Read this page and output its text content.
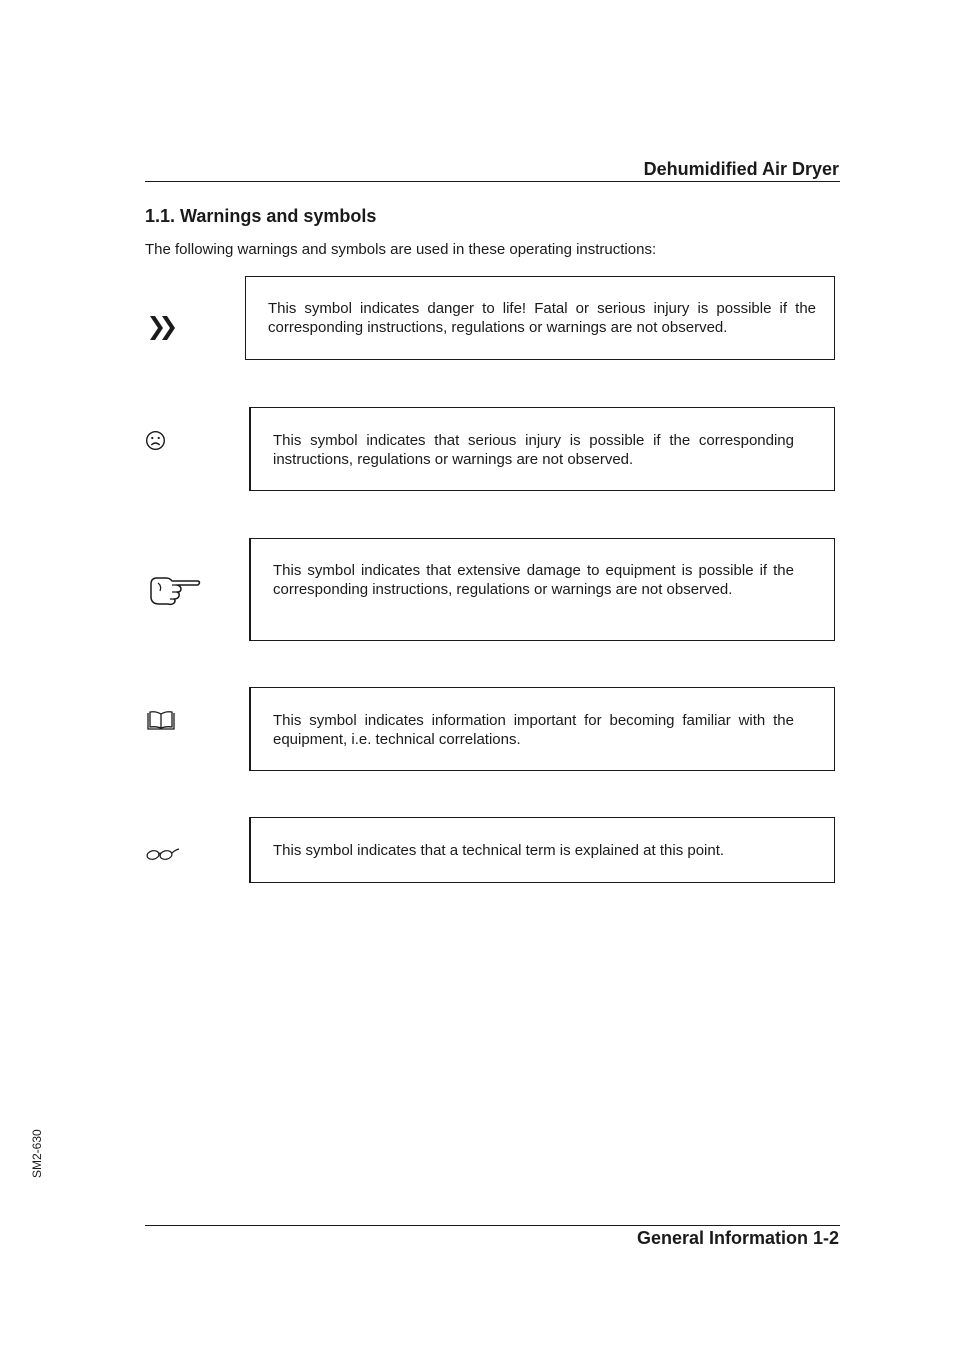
Dehumidified Air Dryer
1.1. Warnings and symbols
The following warnings and symbols are used in these operating instructions:
This symbol indicates danger to life! Fatal or serious injury is possible if the corresponding instructions, regulations or warnings are not observed.
This symbol indicates that serious injury is possible if the corresponding instructions, regulations or warnings are not observed.
This symbol indicates that extensive damage to equipment is possible if the corresponding instructions, regulations or warnings are not observed.
This symbol indicates information important for becoming familiar with the equipment, i.e. technical correlations.
This symbol indicates that a technical term is explained at this point.
SM2-630
General Information 1-2
